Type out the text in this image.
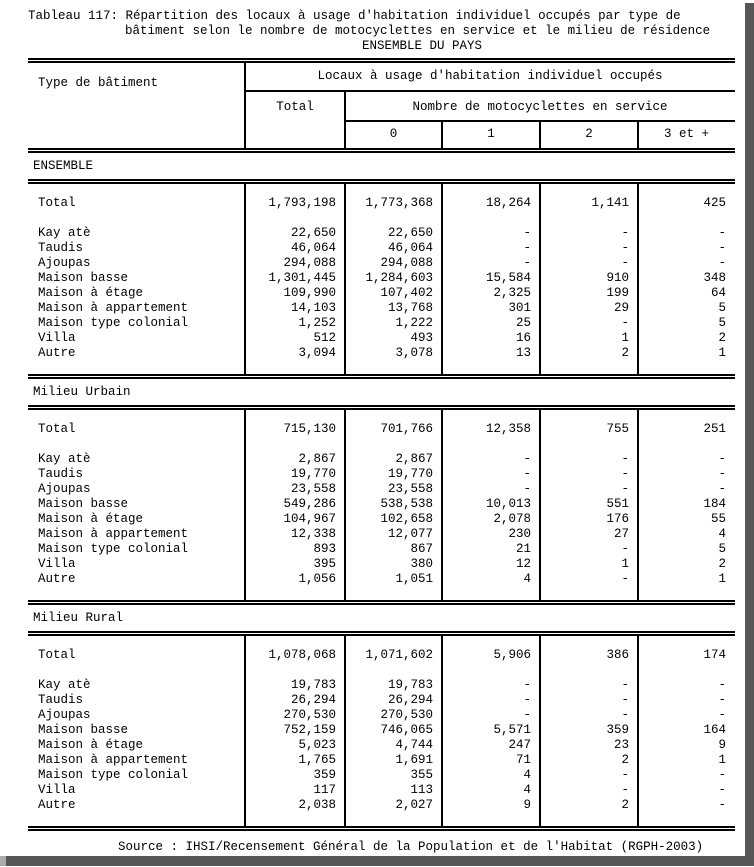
Tableau 117: Répartition des locaux à usage d'habitation individuel occupés par type de
bâtiment selon le nombre de motocyclettes en service et le milieu de résidence
ENSEMBLE DU PAYS
Type de bâtiment	Locaux à usage d'habitation individuel occupés
Total	Nombre de motocyclettes en service
0	1	2	3 et +
ENSEMBLE
Total	1,793,198	1,773,368	18,264	1,141	425
Kay atè	22,650	22,650	-	-	-
Taudis	46,064	46,064	-	-	-
Ajoupas	294,088	294,088	-	-	-
Maison basse	1,301,445	1,284,603	15,584	910	348
Maison à étage	109,990	107,402	2,325	199	64
Maison à appartement	14,103	13,768	301	29	5
Maison type colonial	1,252	1,222	25	-	5
Villa	512	493	16	1	2
Autre	3,094	3,078	13	2	1
Milieu Urbain
Total	715,130	701,766	12,358	755	251
Kay atè	2,867	2,867	-	-	-
Taudis	19,770	19,770	-	-	-
Ajoupas	23,558	23,558	-	-	-
Maison basse	549,286	538,538	10,013	551	184
Maison à étage	104,967	102,658	2,078	176	55
Maison à appartement	12,338	12,077	230	27	4
Maison type colonial	893	867	21	-	5
Villa	395	380	12	1	2
Autre	1,056	1,051	4	-	1
Milieu Rural
Total	1,078,068	1,071,602	5,906	386	174
Kay atè	19,783	19,783	-	-	-
Taudis	26,294	26,294	-	-	-
Ajoupas	270,530	270,530	-	-	-
Maison basse	752,159	746,065	5,571	359	164
Maison à étage	5,023	4,744	247	23	9
Maison à appartement	1,765	1,691	71	2	1
Maison type colonial	359	355	4	-	-
Villa	117	113	4	-	-
Autre	2,038	2,027	9	2	-
Source : IHSI/Recensement Général de la Population et de l'Habitat (RGPH-2003)
